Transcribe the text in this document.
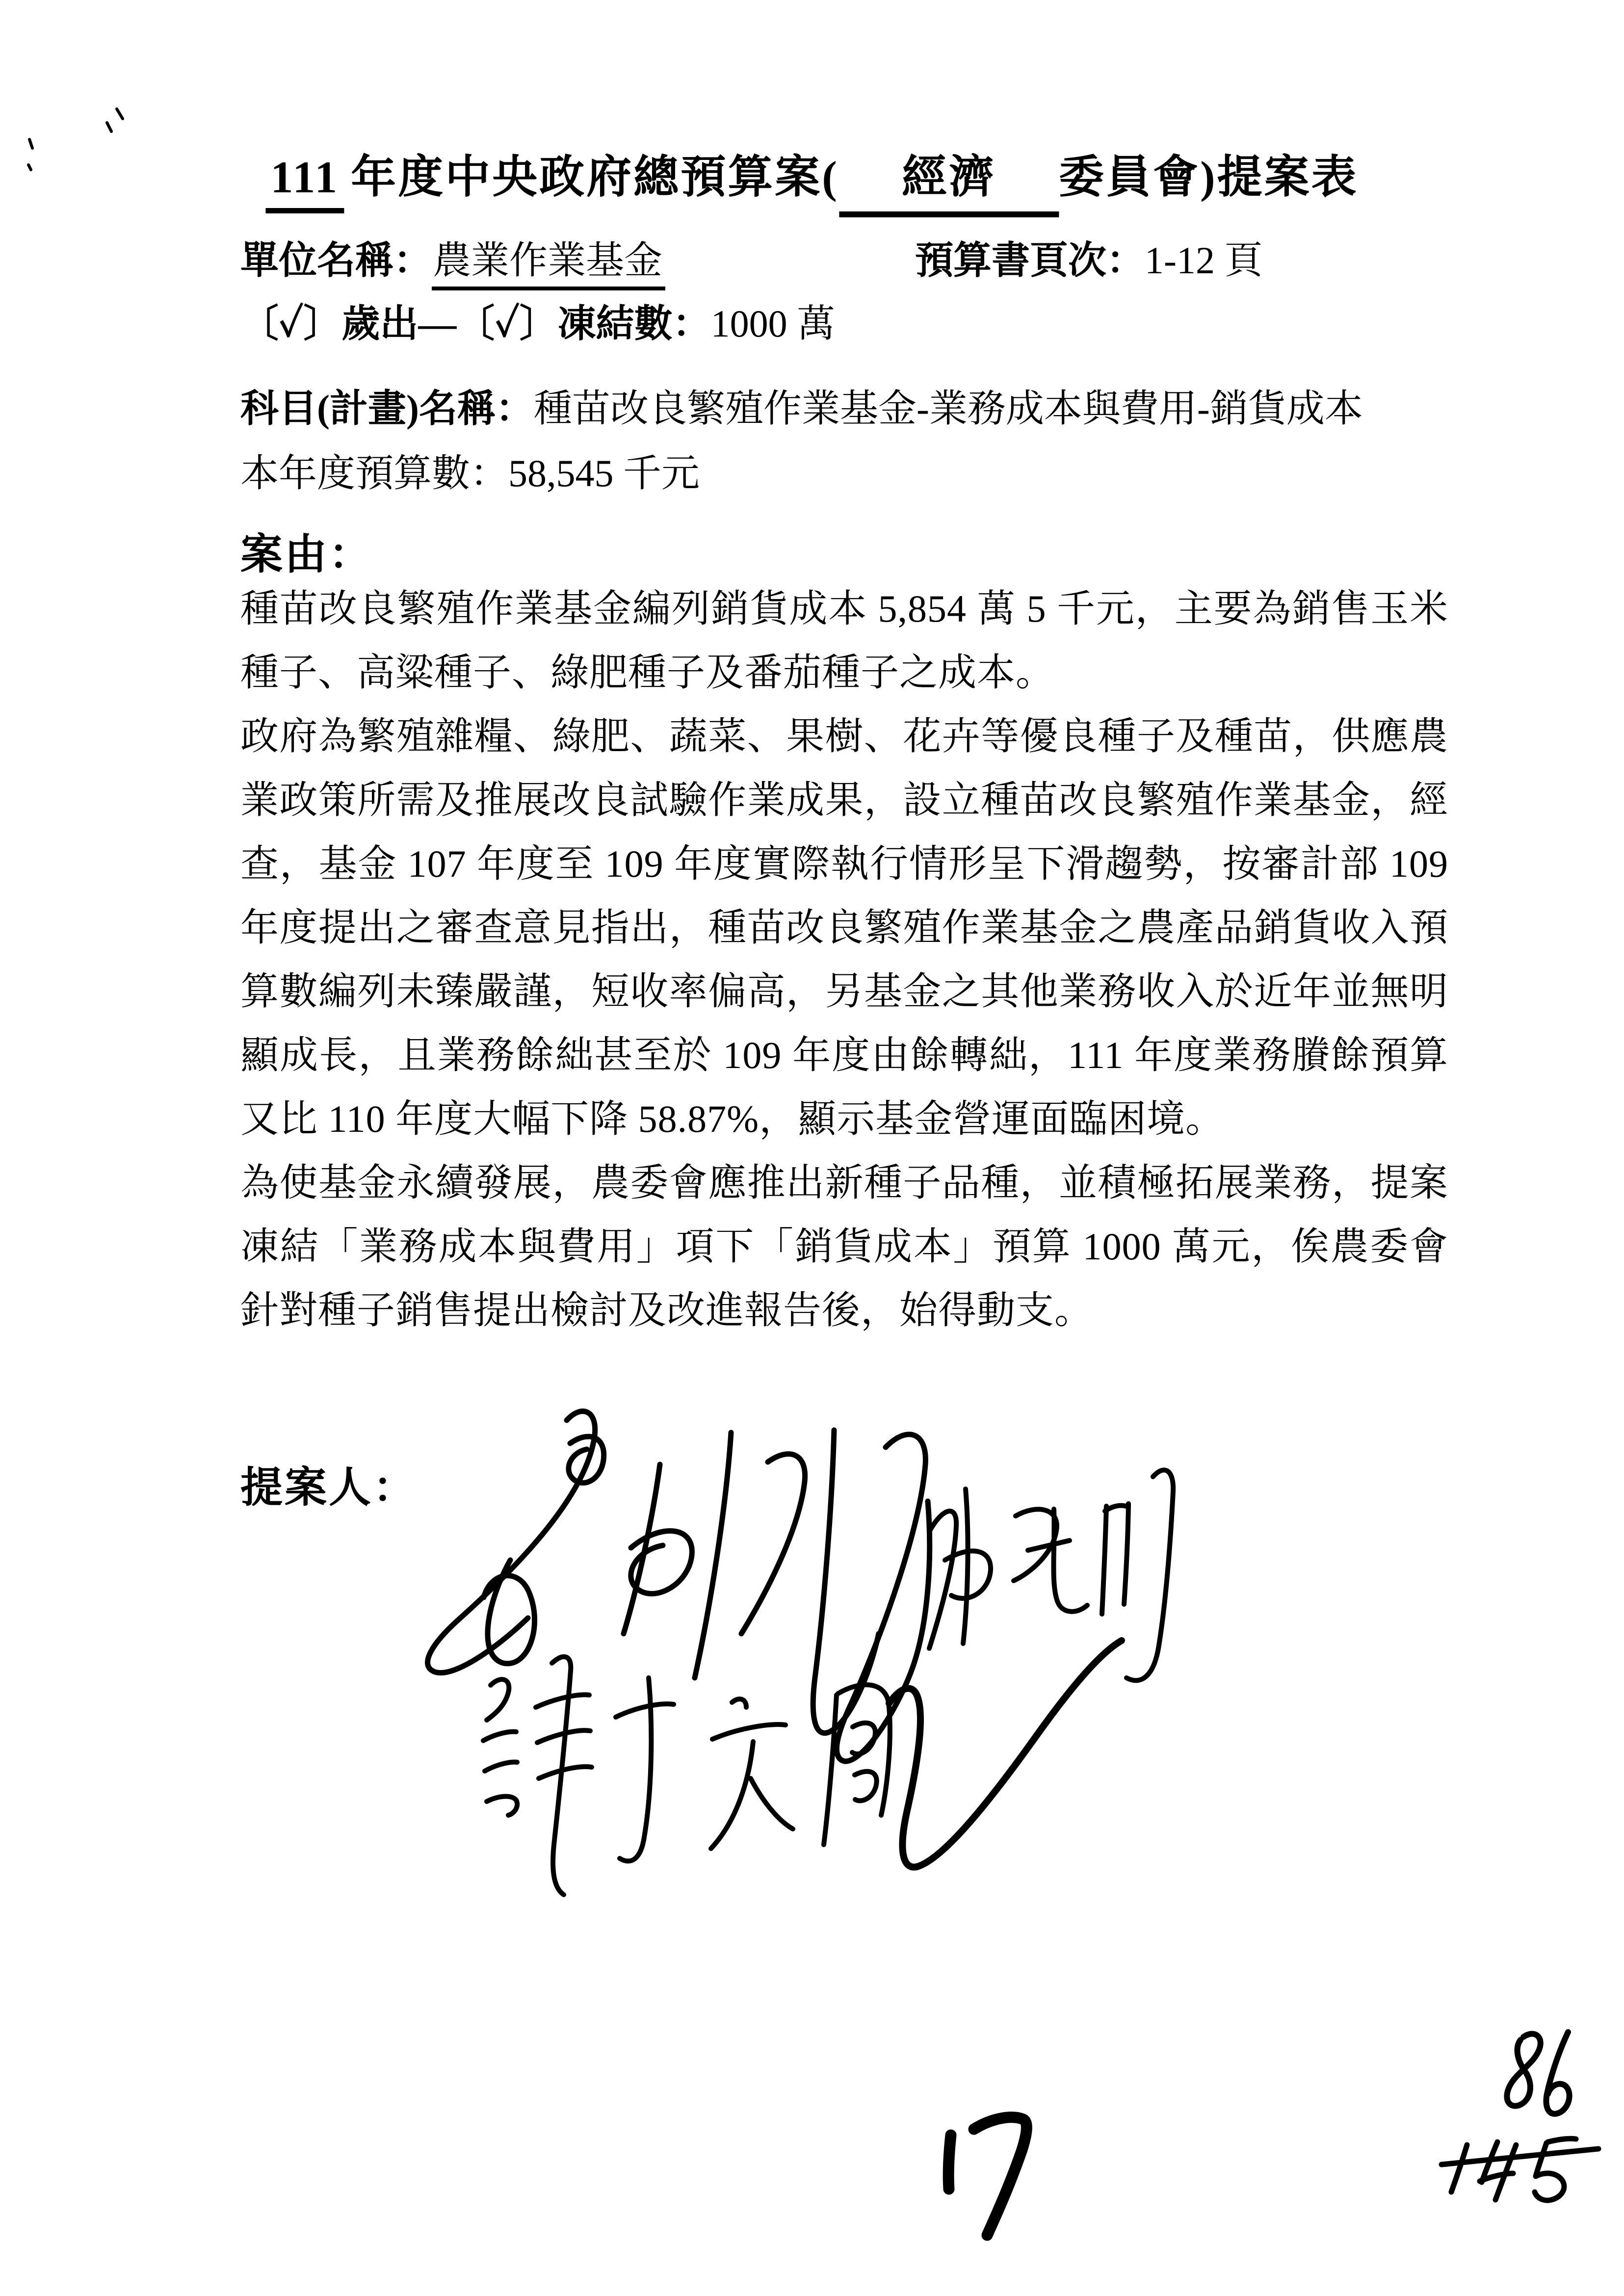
111 年度中央政府總預算案( 經濟 委員會)提案表
單位名稱：農業作業基金	預算書頁次：1-12 頁
〔✓〕歲出—〔✓〕凍結數：1000 萬
科目(計畫)名稱：種苗改良繁殖作業基金-業務成本與費用-銷貨成本
本年度預算數：58,545 千元
案由：

種苗改良繁殖作業基金編列銷貨成本 5,854 萬 5 千元，主要為銷售玉米種子、高粱種子、綠肥種子及番茄種子之成本。

政府為繁殖雜糧、綠肥、蔬菜、果樹、花卉等優良種子及種苗，供應農業政策所需及推展改良試驗作業成果，設立種苗改良繁殖作業基金，經查，基金 107 年度至 109 年度實際執行情形呈下滑趨勢，按審計部 109 年度提出之審查意見指出，種苗改良繁殖作業基金之農產品銷貨收入預算數編列未臻嚴謹，短收率偏高，另基金之其他業務收入於近年並無明顯成長，且業務餘絀甚至於 109 年度由餘轉絀，111 年度業務賸餘預算又比 110 年度大幅下降 58.87%，顯示基金營運面臨困境。

為使基金永續發展，農委會應推出新種子品種，並積極拓展業務，提案凍結「業務成本與費用」項下「銷貨成本」預算 1000 萬元，俟農委會針對種子銷售提出檢討及改進報告後，始得動支。

提案人：
